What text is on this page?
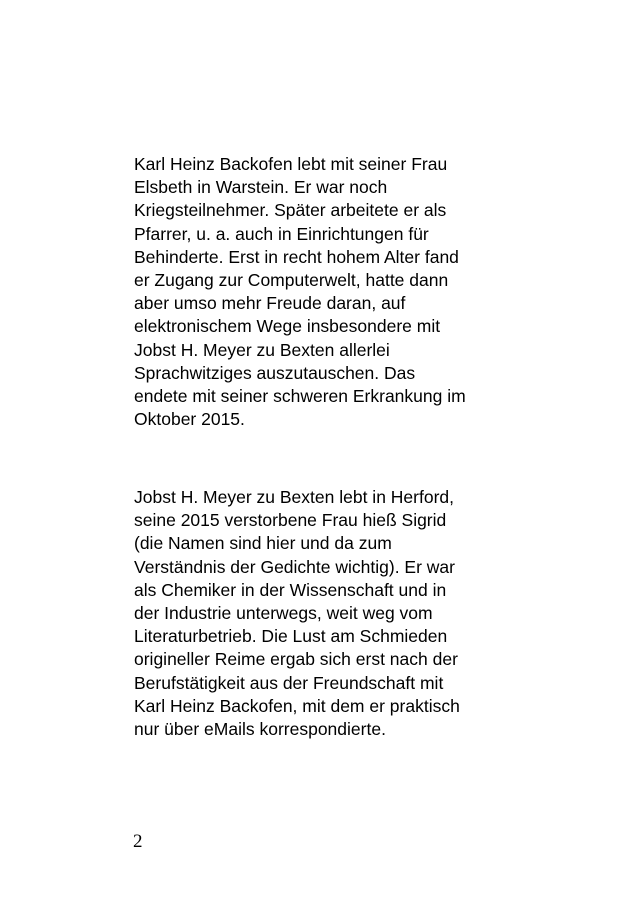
Karl Heinz Backofen lebt mit seiner Frau
Elsbeth in Warstein. Er war noch
Kriegsteilnehmer. Später arbeitete er als
Pfarrer, u. a. auch in Einrichtungen für
Behinderte. Erst in recht hohem Alter fand
er Zugang zur Computerwelt, hatte dann
aber umso mehr Freude daran, auf
elektronischem Wege insbesondere mit
Jobst H. Meyer zu Bexten allerlei
Sprachwitziges auszutauschen. Das
endete mit seiner schweren Erkrankung im
Oktober 2015.

Jobst H. Meyer zu Bexten lebt in Herford,
seine 2015 verstorbene Frau hieß Sigrid
(die Namen sind hier und da zum
Verständnis der Gedichte wichtig). Er war
als Chemiker in der Wissenschaft und in
der Industrie unterwegs, weit weg vom
Literaturbetrieb. Die Lust am Schmieden
origineller Reime ergab sich erst nach der
Berufstätigkeit aus der Freundschaft mit
Karl Heinz Backofen, mit dem er praktisch
nur über eMails korrespondierte.

2
